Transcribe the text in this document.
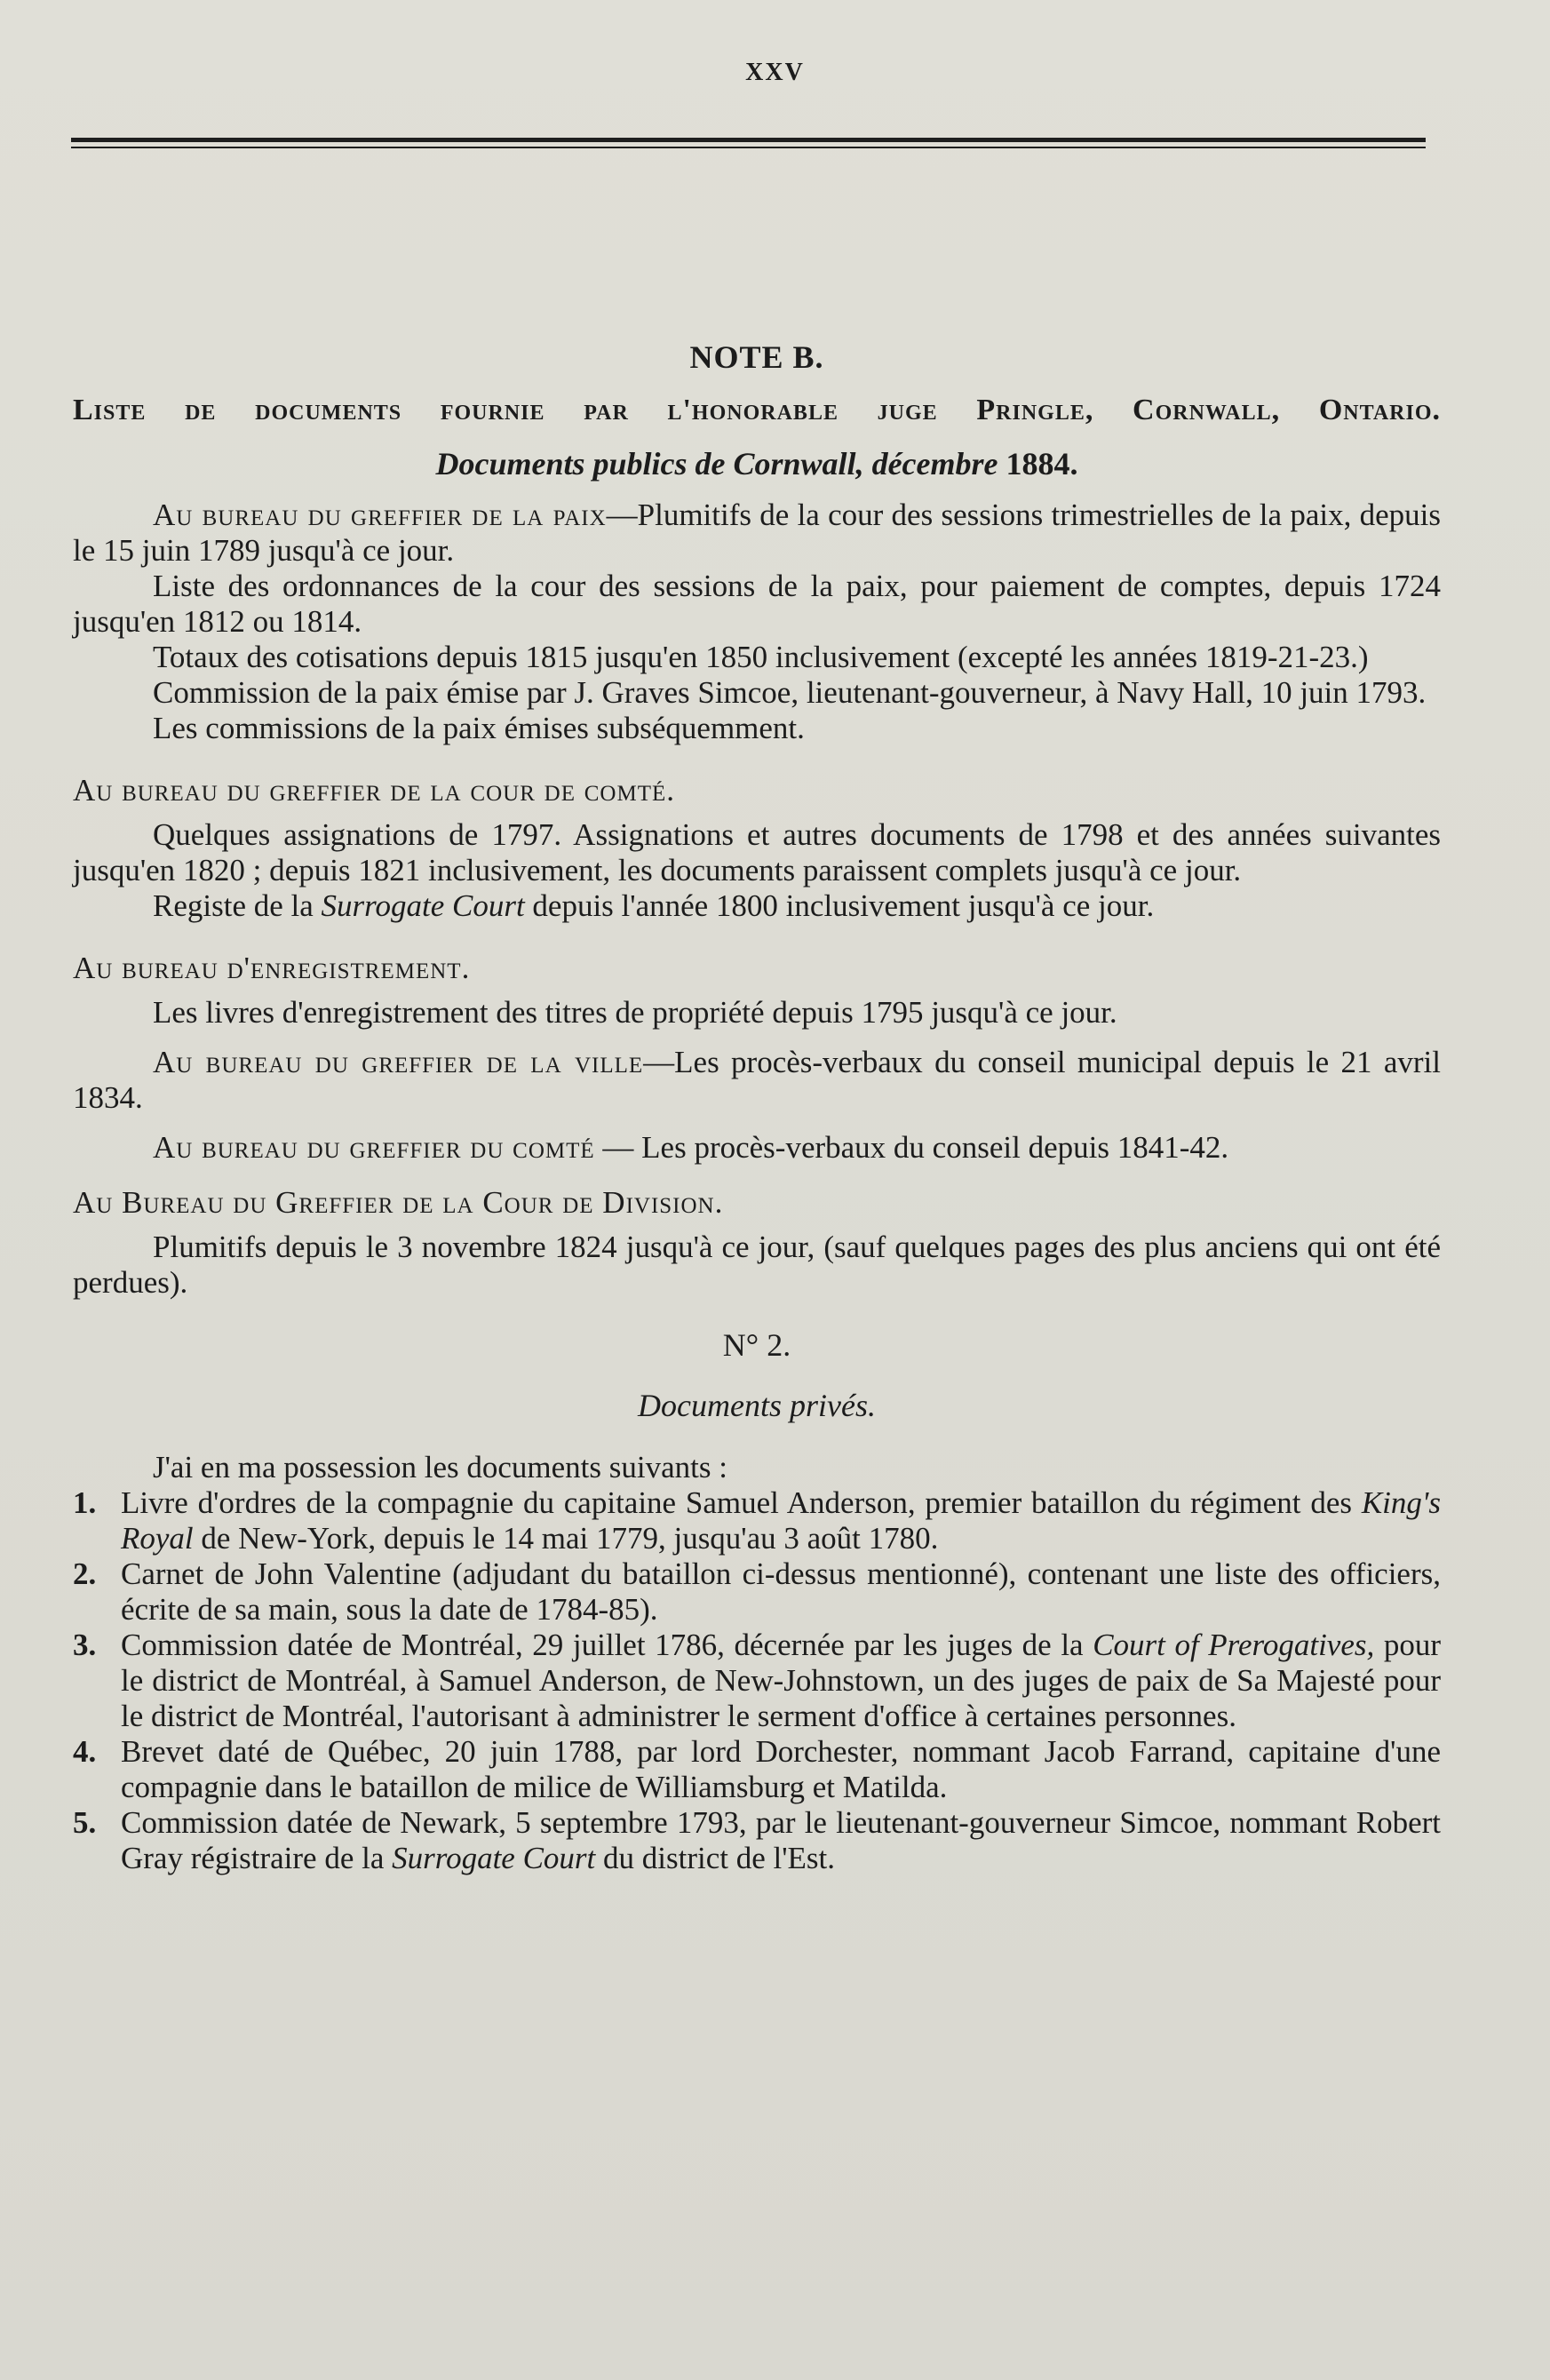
XXV
NOTE B.
Liste de documents fournie par l'honorable juge Pringle, Cornwall, Ontario.
Documents publics de Cornwall, décembre 1884.

Au bureau du greffier de la paix—Plumitifs de la cour des sessions trimestrielles de la paix, depuis le 15 juin 1789 jusqu'à ce jour.

Liste des ordonnances de la cour des sessions de la paix, pour paiement de comptes, depuis 1724 jusqu'en 1812 ou 1814.

Totaux des cotisations depuis 1815 jusqu'en 1850 inclusivement (excepté les années 1819-21-23.)

Commission de la paix émise par J. Graves Simcoe, lieutenant-gouverneur, à Navy Hall, 10 juin 1793.

Les commissions de la paix émises subséquemment.

Au bureau du greffier de la cour de comté.

Quelques assignations de 1797. Assignations et autres documents de 1798 et des années suivantes jusqu'en 1820 ; depuis 1821 inclusivement, les documents paraissent complets jusqu'à ce jour.

Registe de la Surrogate Court depuis l'année 1800 inclusivement jusqu'à ce jour.

Au bureau d'enregistrement.

Les livres d'enregistrement des titres de propriété depuis 1795 jusqu'à ce jour.

Au bureau du greffier de la ville—Les procès-verbaux du conseil municipal depuis le 21 avril 1834.

Au bureau du greffier du comté — Les procès-verbaux du conseil depuis 1841-42.

Au Bureau du Greffier de la Cour de Division.

Plumitifs depuis le 3 novembre 1824 jusqu'à ce jour, (sauf quelques pages des plus anciens qui ont été perdues).

N° 2.
Documents privés.

J'ai en ma possession les documents suivants :

1. Livre d'ordres de la compagnie du capitaine Samuel Anderson, premier bataillon du régiment des King's Royal de New-York, depuis le 14 mai 1779, jusqu'au 3 août 1780.
2. Carnet de John Valentine (adjudant du bataillon ci-dessus mentionné), contenant une liste des officiers, écrite de sa main, sous la date de 1784-85).
3. Commission datée de Montréal, 29 juillet 1786, décernée par les juges de la Court of Prerogatives, pour le district de Montréal, à Samuel Anderson, de New-Johnstown, un des juges de paix de Sa Majesté pour le district de Montréal, l'autorisant à administrer le serment d'office à certaines personnes.
4. Brevet daté de Québec, 20 juin 1788, par lord Dorchester, nommant Jacob Farrand, capitaine d'une compagnie dans le bataillon de milice de Williamsburg et Matilda.
5. Commission datée de Newark, 5 septembre 1793, par le lieutenant-gouverneur Simcoe, nommant Robert Gray régistraire de la Surrogate Court du district de l'Est.
